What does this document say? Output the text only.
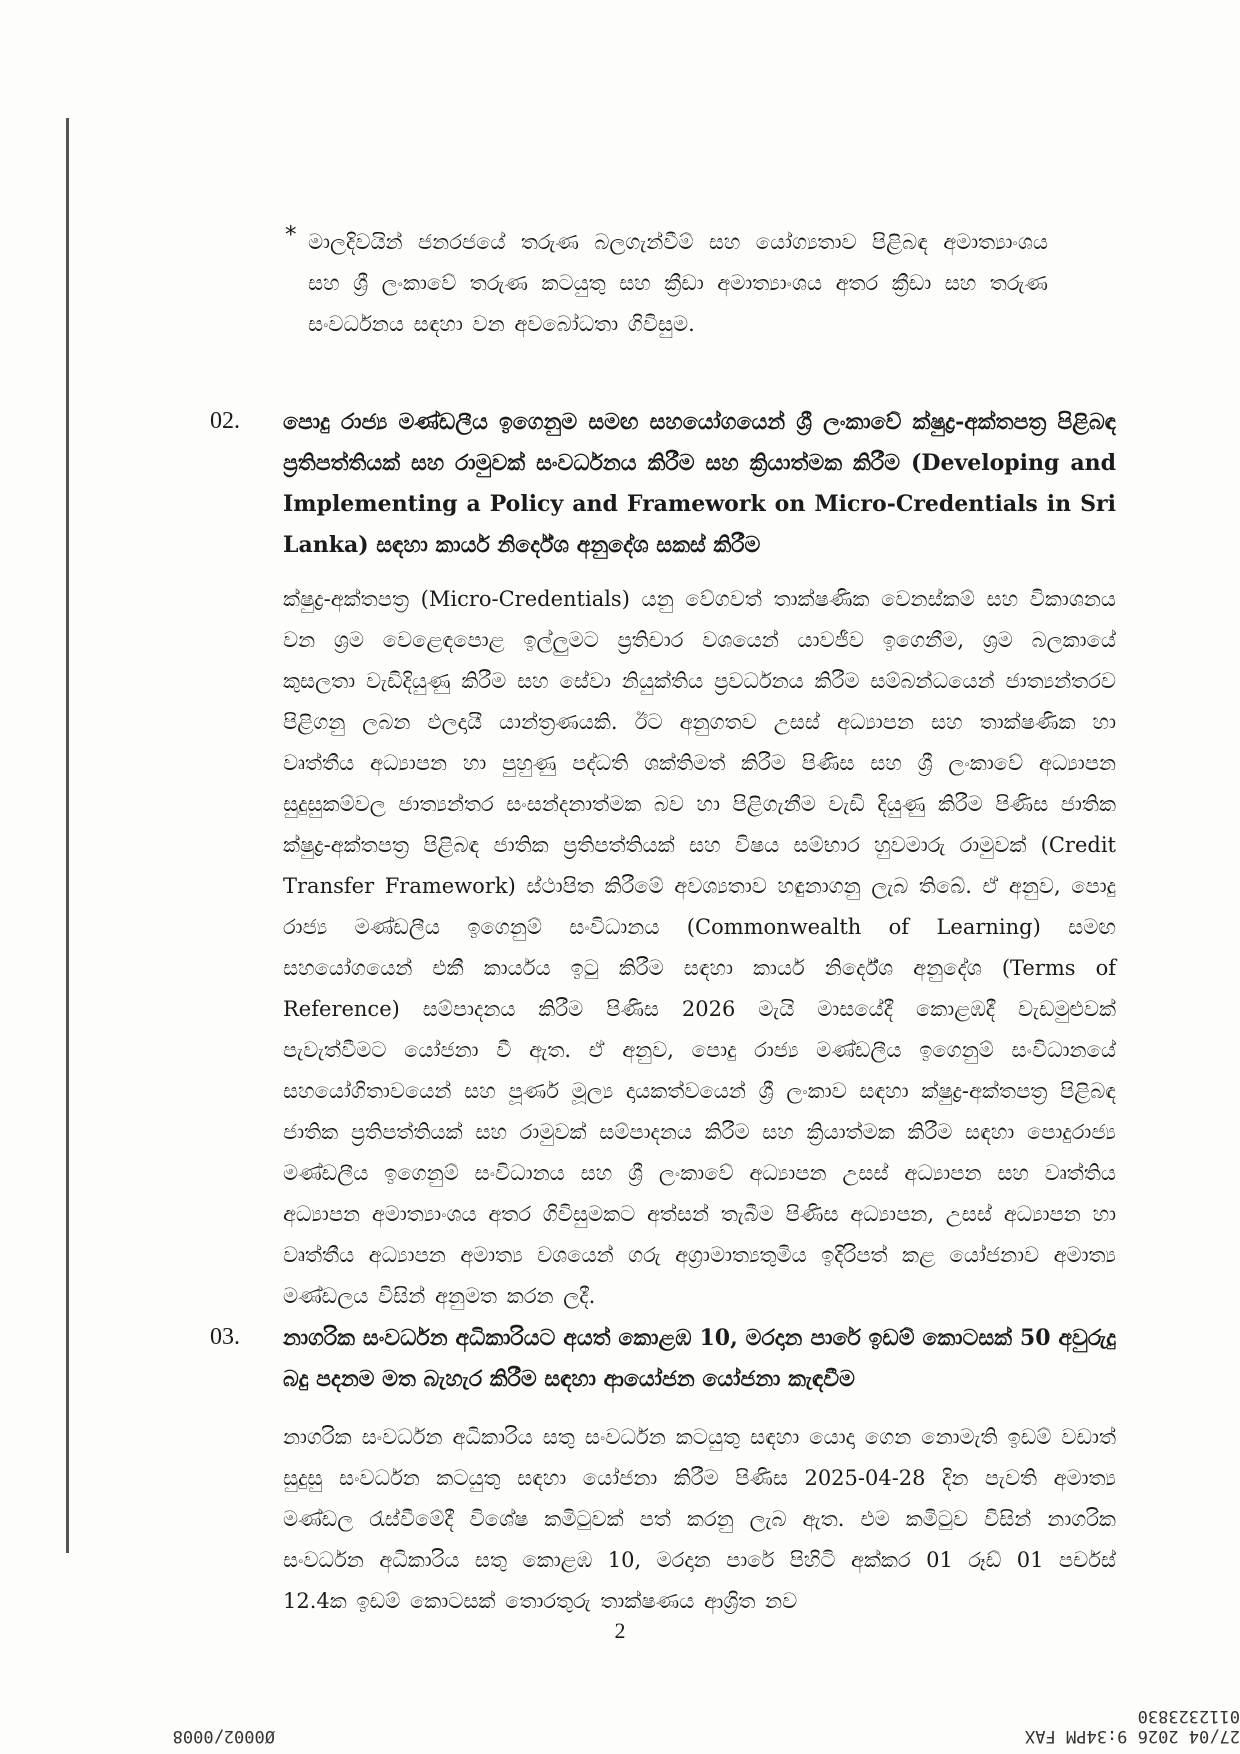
* මාලදිවයින් ජනරජයේ තරුණ බලගැන්වීම් සහ යෝග්‍යතාව පිළිබඳ අමාත්‍යාංශය සහ ශ්‍රී ලංකාවේ තරුණ කටයුතු සහ ක්‍රීඩා අමාත්‍යාංශය අතර ක්‍රීඩා සහ තරුණ සංවර්ධනය සඳහා වන අවබෝධතා ගිවිසුම.

02. පොදු රාජ්‍ය මණ්ඩලීය ඉගෙනුම සමඟ සහයෝගයෙන් ශ්‍රී ලංකාවේ ක්ෂුද්‍ර-අක්තපත්‍ර පිළිබඳ ප්‍රතිපත්තියක් සහ රාමුවක් සංවර්ධනය කිරීම සහ ක්‍රියාත්මක කිරීම (Developing and Implementing a Policy and Framework on Micro-Credentials in Sri Lanka) සඳහා කාර්ය නිර්දේශ අනුදේශ සකස් කිරීම

ක්ෂුද්‍ර-අක්තපත්‍ර (Micro-Credentials) යනු වේගවත් තාක්ෂණික වෙනස්කම් සහ විකාශනය වන ශ්‍රම වෙළෙඳපොළ ඉල්ලුමට ප්‍රතිචාර වශයෙන් යාවජීව ඉගෙනීම, ශ්‍රම බලකායේ කුසලතා වැඩිදියුණු කිරීම සහ සේවා නියුක්තිය ප්‍රවර්ධනය කිරීම සම්බන්ධයෙන් ජාත්‍යන්තරව පිළිගනු ලබන ඵලදායී යාන්ත්‍රණයකි. ඊට අනුගතව උසස් අධ්‍යාපන සහ තාක්ෂණික හා වෘත්තීය අධ්‍යාපන හා පුහුණු පද්ධති ශක්තිමත් කිරීම පිණිස සහ ශ්‍රී ලංකාවේ අධ්‍යාපන සුදුසුකම්වල ජාත්‍යන්තර සංසන්දනාත්මක බව හා පිළිගැනීම වැඩි දියුණු කිරීම පිණිස ජාතික ක්ෂුද්‍ර-අක්තපත්‍ර පිළිබඳ ජාතික ප්‍රතිපත්තියක් සහ විෂය සම්භාර හුවමාරු රාමුවක් (Credit Transfer Framework) ස්ථාපිත කිරීමේ අවශ්‍යතාව හඳුනාගනු ලැබ තිබේ. ඒ අනුව, පොදු රාජ්‍ය මණ්ඩලීය ඉගෙනුම් සංවිධානය (Commonwealth of Learning) සමඟ සහයෝගයෙන් එකී කාර්යය ඉටු කිරීම සඳහා කාර්ය නිර්දේශ අනුදේශ (Terms of Reference) සම්පාදනය කිරීම පිණිස 2026 මැයි මාසයේදී කොළඹදී වැඩමුළුවක් පැවැත්වීමට යෝජනා වී ඇත. ඒ අනුව, පොදු රාජ්‍ය මණ්ඩලීය ඉගෙනුම් සංවිධානයේ සහයෝගිතාවයෙන් සහ පූර්ණ මූල්‍ය දායකත්වයෙන් ශ්‍රී ලංකාව සඳහා ක්ෂුද්‍ර-අක්තපත්‍ර පිළිබඳ ජාතික ප්‍රතිපත්තියක් සහ රාමුවක් සම්පාදනය කිරීම සහ ක්‍රියාත්මක කිරීම සඳහා පොදුරාජ්‍ය මණ්ඩලීය ඉගෙනුම් සංවිධානය සහ ශ්‍රී ලංකාවේ අධ්‍යාපන උසස් අධ්‍යාපන සහ වෘත්තිය අධ්‍යාපන අමාත්‍යාංශය අතර ගිවිසුමකට අත්සන් තැබීම පිණිස අධ්‍යාපන, උසස් අධ්‍යාපන හා වෘත්තීය අධ්‍යාපන අමාත්‍ය වශයෙන් ගරු අග්‍රාමාත්‍යතුමිය ඉදිරිපත් කළ යෝජනාව අමාත්‍ය මණ්ඩලය විසින් අනුමත කරන ලදී.

03. නාගරික සංවර්ධන අධිකාරියට අයත් කොළඹ 10, මරදාන පාරේ ඉඩම් කොටසක් 50 අවුරුදු බදු පදනම මත බැහැර කිරීම සඳහා ආයෝජන යෝජනා කැඳවීම

නාගරික සංවර්ධන අධිකාරිය සතු සංවර්ධන කටයුතු සඳහා යොදා ගෙන නොමැති ඉඩම් වඩාත් සුදුසු සංවර්ධන කටයුතු සඳහා යෝජනා කිරීම පිණිස 2025-04-28 දින පැවති අමාත්‍ය මණ්ඩල රැස්වීමේදී විශේෂ කමිටුවක් පත් කරනු ලැබ ඇත. එම කමිටුව විසින් නාගරික සංවර්ධන අධිකාරිය සතු කොළඹ 10, මරදාන පාරේ පිහිටි අක්කර 01 රූඩ් 01 පර්චස් 12.4ක ඉඩම් කොටසක් තොරතුරු තාක්ෂණය ආශ්‍රිත නව

2
27/04 2026 9:34PM FAX 0112323830
Ø0002/0008
